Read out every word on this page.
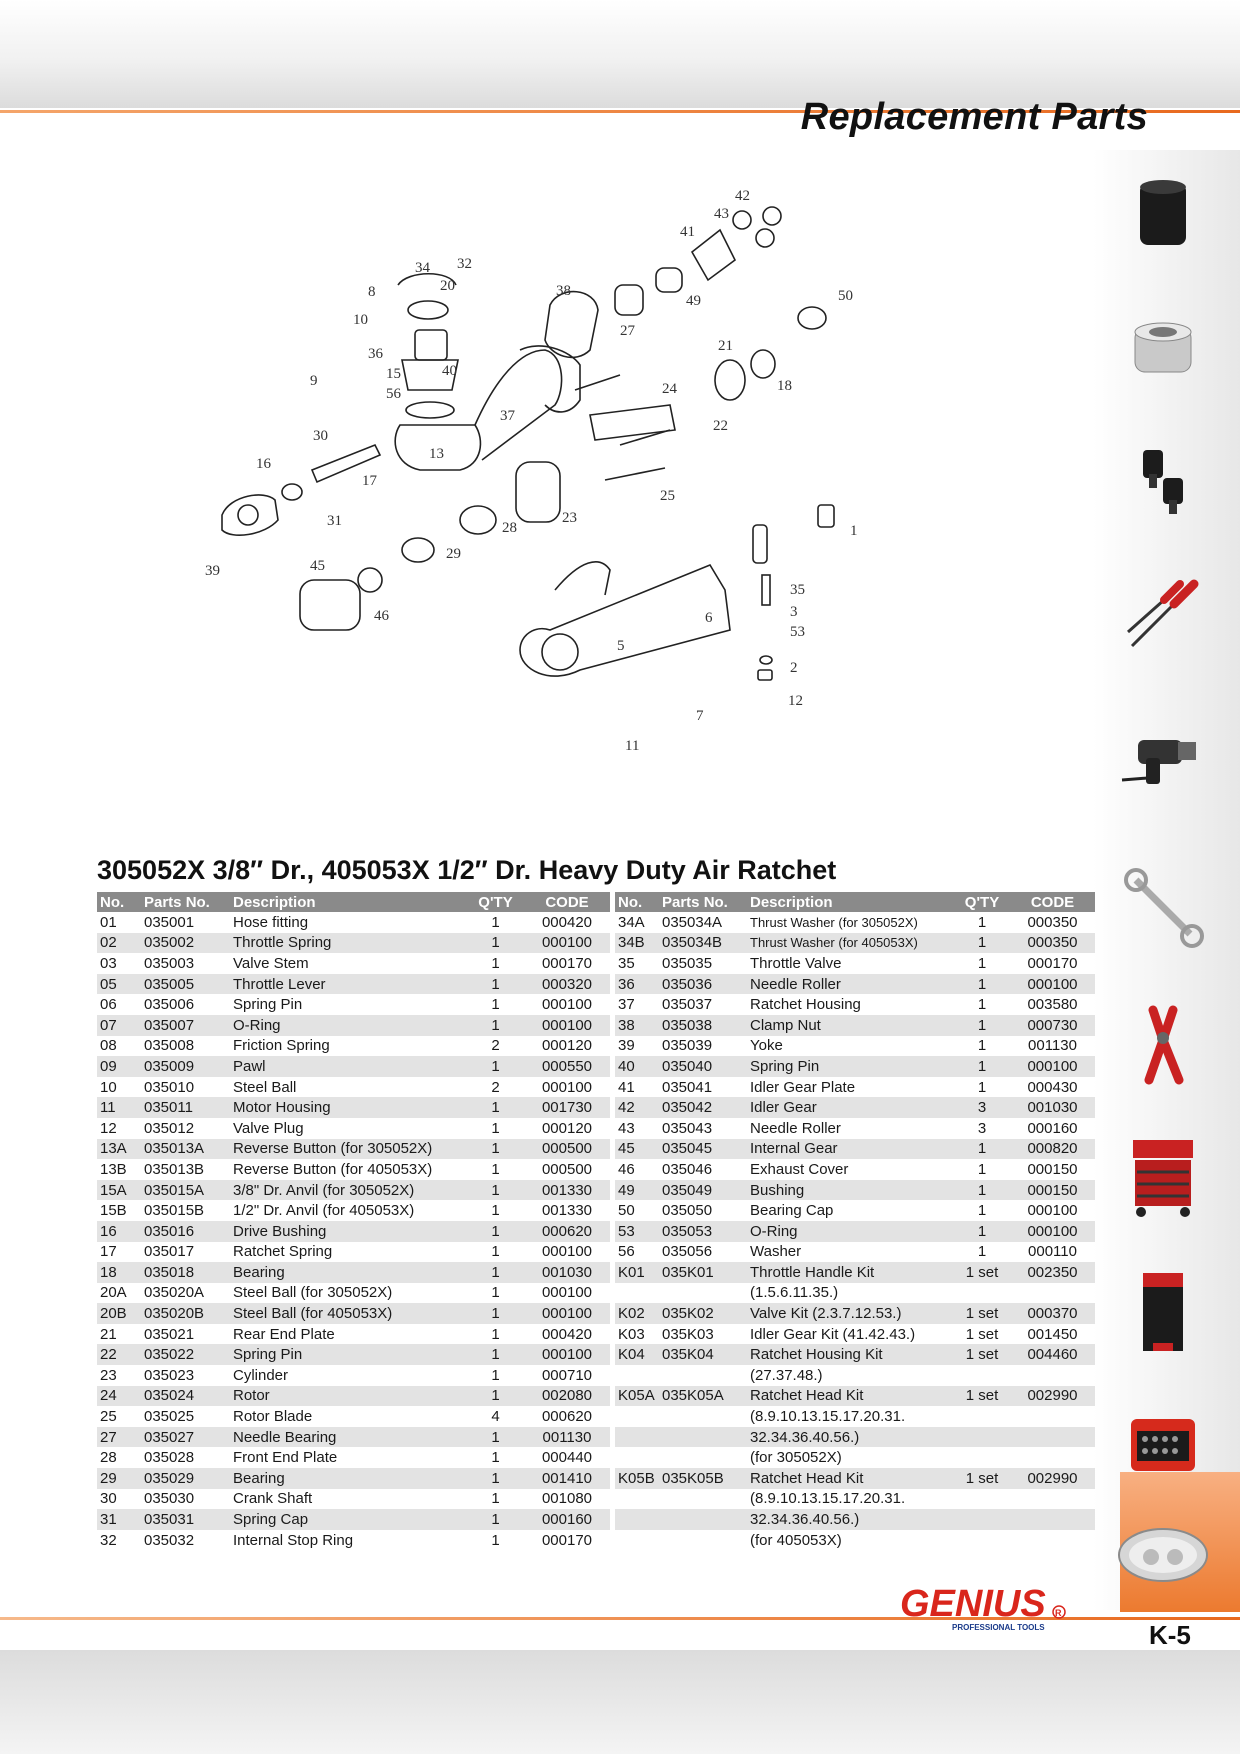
Replacement Parts
34 32
8
10
20
36
15
56
40
9
30
13
16
17
31
39
37
38
27
49
41
43
42
50
21
18
24
22
25
23
28
29
45
46
5
6
7
11
12
2
53
3
35
1
305052X 3/8″ Dr., 405053X 1/2″ Dr. Heavy Duty Air Ratchet
No.	Parts No.	Description	Q'TY	CODE
01	035001	Hose fitting	1	000420
02	035002	Throttle Spring	1	000100
03	035003	Valve Stem	1	000170
05	035005	Throttle Lever	1	000320
06	035006	Spring Pin	1	000100
07	035007	O-Ring	1	000100
08	035008	Friction Spring	2	000120
09	035009	Pawl	1	000550
10	035010	Steel Ball	2	000100
11	035011	Motor Housing	1	001730
12	035012	Valve Plug	1	000120
13A	035013A	Reverse Button (for 305052X)	1	000500
13B	035013B	Reverse Button (for 405053X)	1	000500
15A	035015A	3/8" Dr. Anvil (for 305052X)	1	001330
15B	035015B	1/2" Dr. Anvil (for 405053X)	1	001330
16	035016	Drive Bushing	1	000620
17	035017	Ratchet Spring	1	000100
18	035018	Bearing	1	001030
20A	035020A	Steel Ball (for 305052X)	1	000100
20B	035020B	Steel Ball (for 405053X)	1	000100
21	035021	Rear End Plate	1	000420
22	035022	Spring Pin	1	000100
23	035023	Cylinder	1	000710
24	035024	Rotor	1	002080
25	035025	Rotor Blade	4	000620
27	035027	Needle Bearing	1	001130
28	035028	Front End Plate	1	000440
29	035029	Bearing	1	001410
30	035030	Crank Shaft	1	001080
31	035031	Spring Cap	1	000160
32	035032	Internal Stop Ring	1	000170
No.	Parts No.	Description	Q'TY	CODE
34A	035034A	Thrust Washer (for 305052X)	1	000350
34B	035034B	Thrust Washer (for 405053X)	1	000350
35	035035	Throttle Valve	1	000170
36	035036	Needle Roller	1	000100
37	035037	Ratchet Housing	1	003580
38	035038	Clamp Nut	1	000730
39	035039	Yoke	1	001130
40	035040	Spring Pin	1	000100
41	035041	Idler Gear Plate	1	000430
42	035042	Idler Gear	3	001030
43	035043	Needle Roller	3	000160
45	035045	Internal Gear	1	000820
46	035046	Exhaust Cover	1	000150
49	035049	Bushing	1	000150
50	035050	Bearing Cap	1	000100
53	035053	O-Ring	1	000100
56	035056	Washer	1	000110
K01	035K01	Throttle Handle Kit	1 set	002350
		(1.5.6.11.35.)		
K02	035K02	Valve Kit (2.3.7.12.53.)	1 set	000370
K03	035K03	Idler Gear Kit (41.42.43.)	1 set	001450
K04	035K04	Ratchet Housing Kit	1 set	004460
		(27.37.48.)		
K05A	035K05A	Ratchet Head Kit	1 set	002990
		(8.9.10.13.15.17.20.31.		
		32.34.36.40.56.)		
		(for 305052X)		
K05B	035K05B	Ratchet Head Kit	1 set	002990
		(8.9.10.13.15.17.20.31.		
		32.34.36.40.56.)		
		(for 405053X)		
GENIUS
PROFESSIONAL TOOLS
R
K-5
